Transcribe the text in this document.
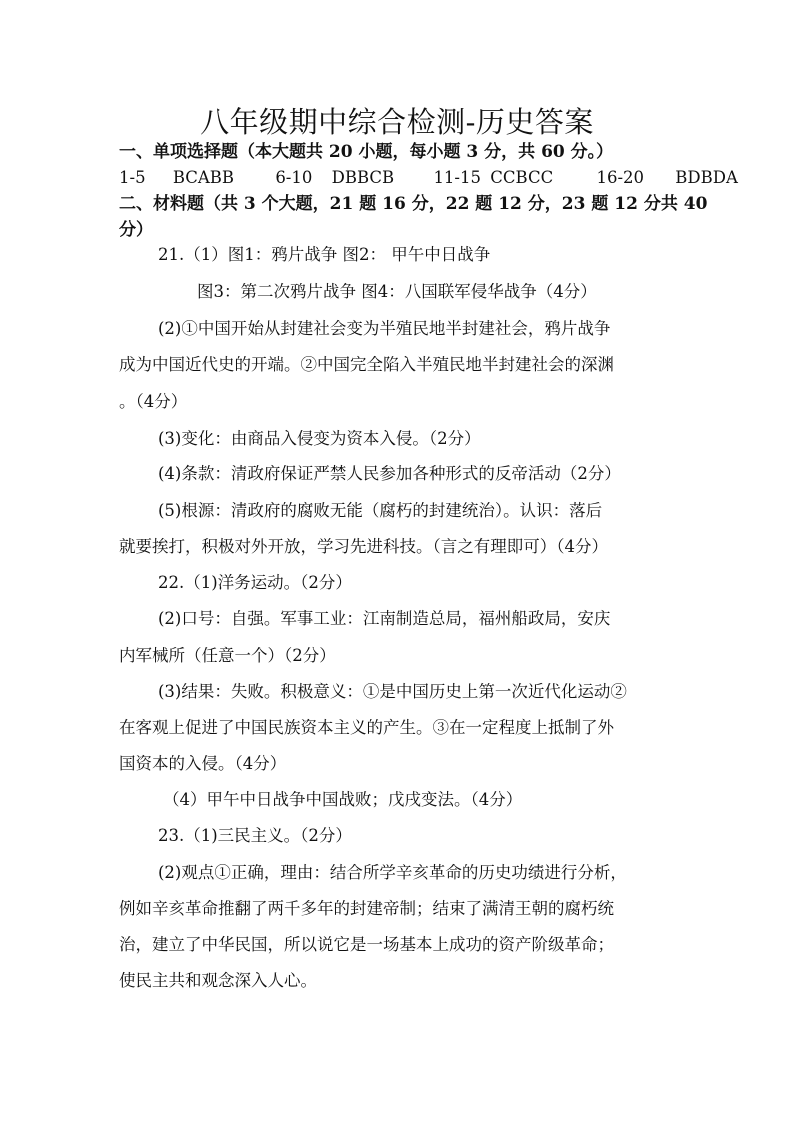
八年级期中综合检测-历史答案
一、单项选择题（本大题共 20 小题，每小题 3 分，共 60 分。）
1-5 BCABB	6-10 DBBCB 11-15 CCBCC	16-20 BDBDA
二、材料题（共 3 个大题，21 题 16 分，22 题 12 分，23 题 12 分共 40
分）
21.（1）图1：鸦片战争 图2： 甲午中日战争
图3：第二次鸦片战争 图4：八国联军侵华战争（4分）
(2)①中国开始从封建社会变为半殖民地半封建社会，鸦片战争
成为中国近代史的开端。②中国完全陷入半殖民地半封建社会的深渊
。（4分）
(3)变化：由商品入侵变为资本入侵。（2分）
(4)条款：清政府保证严禁人民参加各种形式的反帝活动（2分）
(5)根源：清政府的腐败无能（腐朽的封建统治）。认识：落后
就要挨打，积极对外开放，学习先进科技。（言之有理即可）（4分）
22.（1)洋务运动。（2分）
(2)口号：自强。军事工业：江南制造总局，福州船政局，安庆
内军械所（任意一个）（2分）
(3)结果：失败。积极意义：①是中国历史上第一次近代化运动②
在客观上促进了中国民族资本主义的产生。③在一定程度上抵制了外
国资本的入侵。（4分）
（4）甲午中日战争中国战败；戊戌变法。（4分）
23.（1)三民主义。（2分）
(2)观点①正确，理由：结合所学辛亥革命的历史功绩进行分析，
例如辛亥革命推翻了两千多年的封建帝制；结束了满清王朝的腐朽统
治，建立了中华民国，所以说它是一场基本上成功的资产阶级革命；
使民主共和观念深入人心。
